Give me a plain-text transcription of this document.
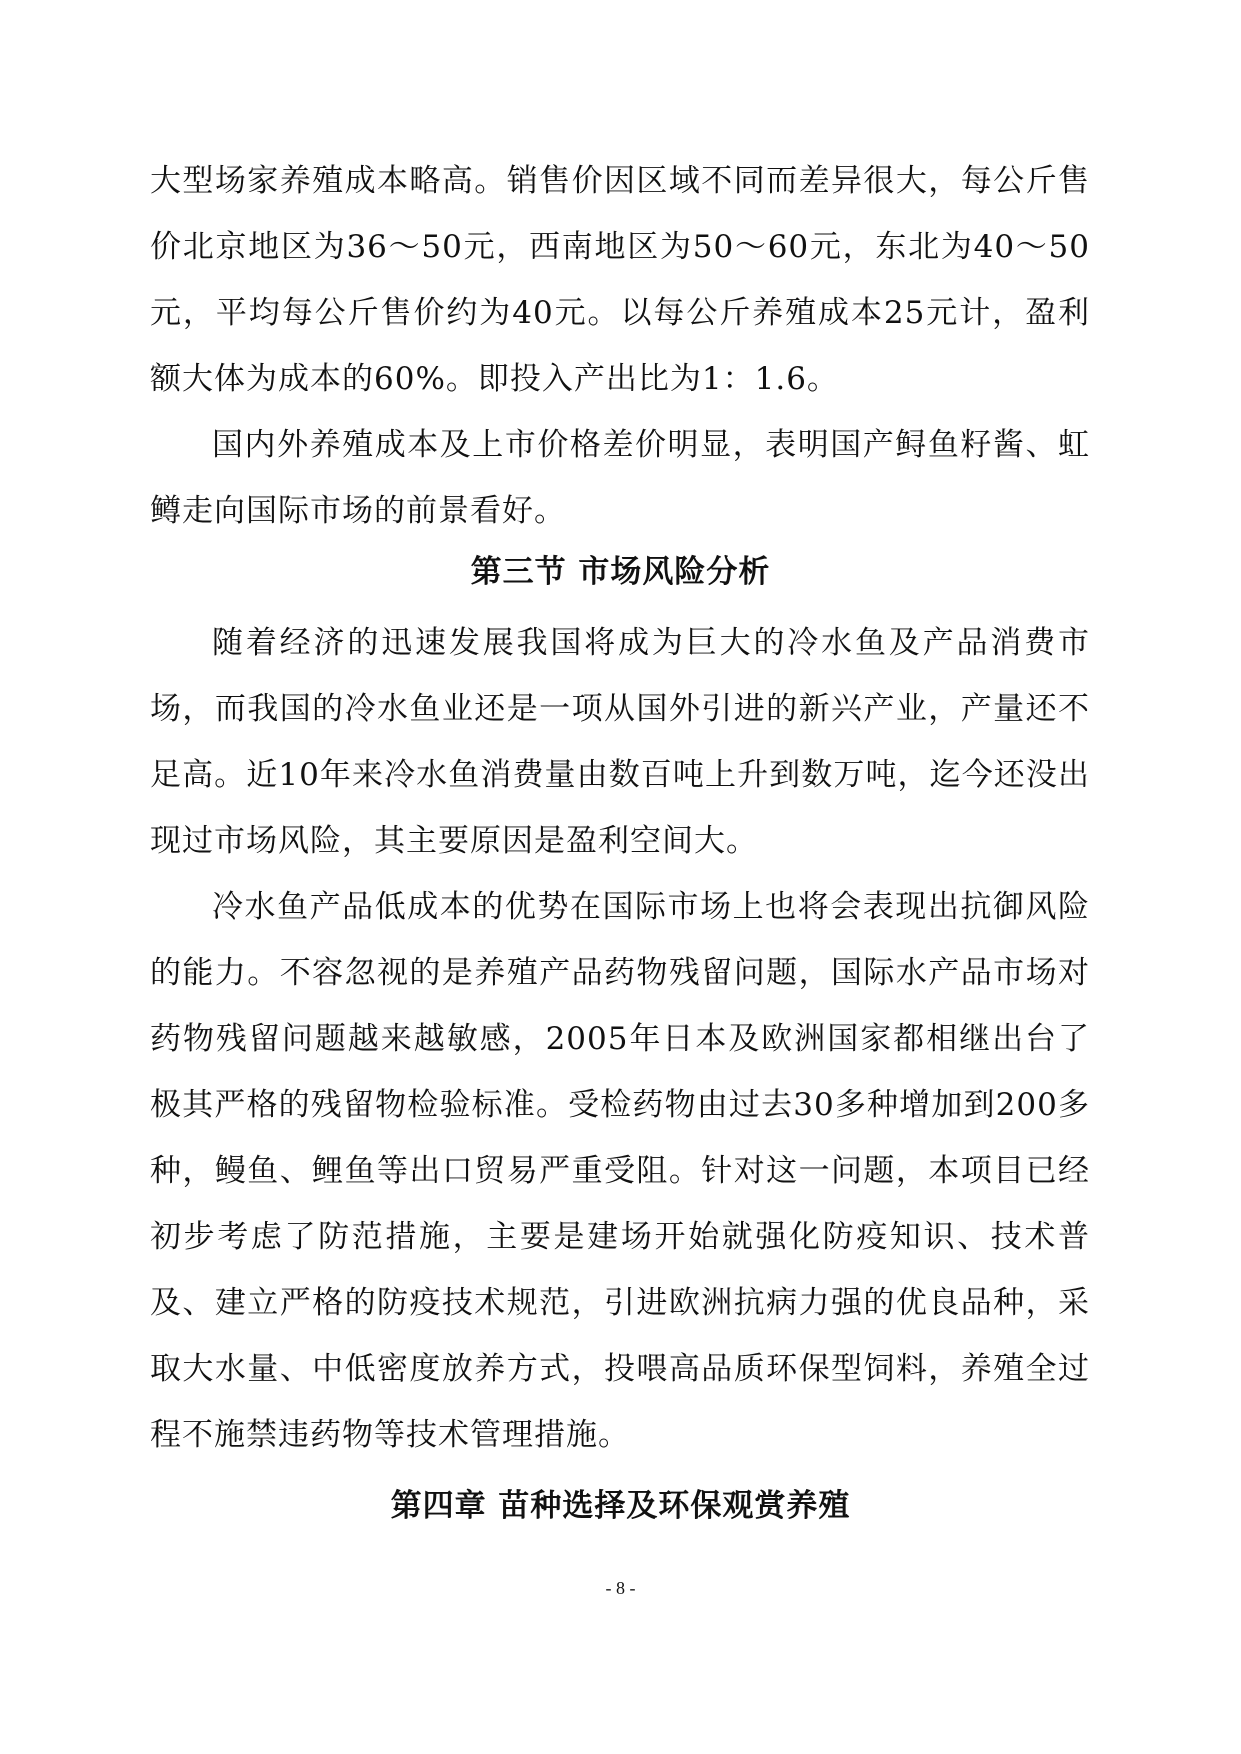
大型场家养殖成本略高。销售价因区域不同而差异很大，每公斤售价北京地区为36～50元，西南地区为50～60元，东北为40～50元，平均每公斤售价约为40元。以每公斤养殖成本25元计，盈利额大体为成本的60%。即投入产出比为1：1.6。

国内外养殖成本及上市价格差价明显，表明国产鲟鱼籽酱、虹鳟走向国际市场的前景看好。

第三节 市场风险分析

随着经济的迅速发展我国将成为巨大的冷水鱼及产品消费市场，而我国的冷水鱼业还是一项从国外引进的新兴产业，产量还不足高。近10年来冷水鱼消费量由数百吨上升到数万吨，迄今还没出现过市场风险，其主要原因是盈利空间大。

冷水鱼产品低成本的优势在国际市场上也将会表现出抗御风险的能力。不容忽视的是养殖产品药物残留问题，国际水产品市场对药物残留问题越来越敏感，2005年日本及欧洲国家都相继出台了极其严格的残留物检验标准。受检药物由过去30多种增加到200多种，鳗鱼、鲤鱼等出口贸易严重受阻。针对这一问题，本项目已经初步考虑了防范措施，主要是建场开始就强化防疫知识、技术普及、建立严格的防疫技术规范，引进欧洲抗病力强的优良品种，采取大水量、中低密度放养方式，投喂高品质环保型饲料，养殖全过程不施禁违药物等技术管理措施。

第四章 苗种选择及环保观赏养殖
- 8 -
